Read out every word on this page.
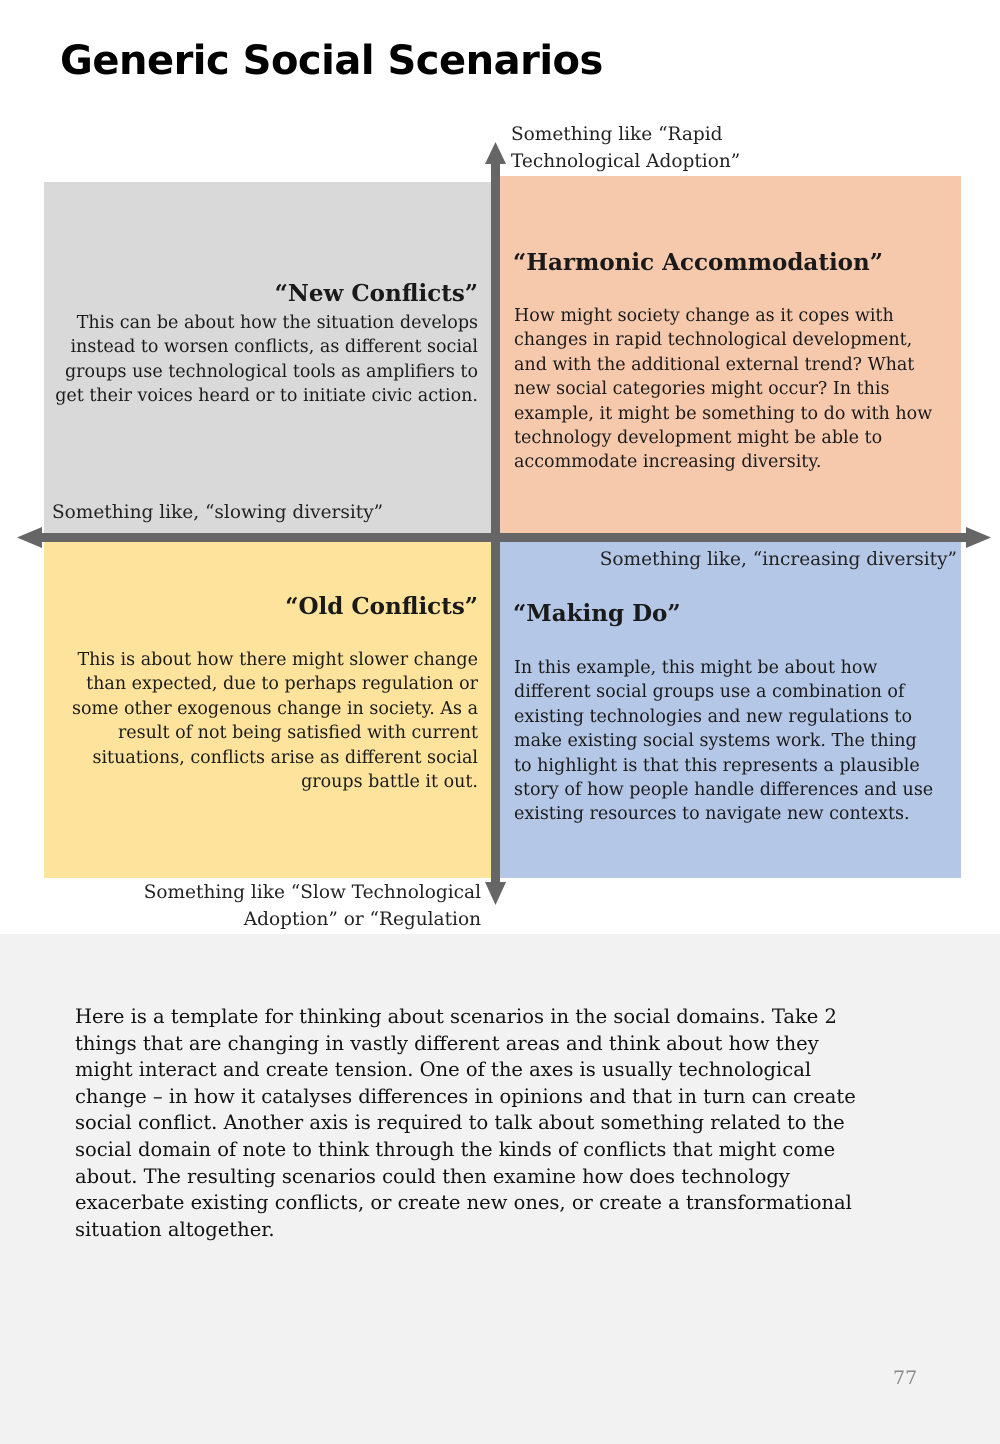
Generic Social Scenarios
Something like “Rapid
Technological Adoption”
Something like “Slow Technological
Adoption” or “Regulation
Something like, “slowing diversity”
Something like, “increasing diversity”
“New Conflicts”
This can be about how the situation develops
instead to worsen conflicts, as different social
groups use technological tools as amplifiers to
get their voices heard or to initiate civic action.
“Harmonic Accommodation”
How might society change as it copes with
changes in rapid technological development,
and with the additional external trend? What
new social categories might occur? In this
example, it might be something to do with how
technology development might be able to
accommodate increasing diversity.
“Old Conflicts”
This is about how there might slower change
than expected, due to perhaps regulation or
some other exogenous change in society. As a
result of not being satisfied with current
situations, conflicts arise as different social
groups battle it out.
“Making Do”
In this example, this might be about how
different social groups use a combination of
existing technologies and new regulations to
make existing social systems work. The thing
to highlight is that this represents a plausible
story of how people handle differences and use
existing resources to navigate new contexts.
Here is a template for thinking about scenarios in the social domains. Take 2
things that are changing in vastly different areas and think about how they
might interact and create tension. One of the axes is usually technological
change – in how it catalyses differences in opinions and that in turn can create
social conflict. Another axis is required to talk about something related to the
social domain of note to think through the kinds of conflicts that might come
about. The resulting scenarios could then examine how does technology
exacerbate existing conflicts, or create new ones, or create a transformational
situation altogether.
77
